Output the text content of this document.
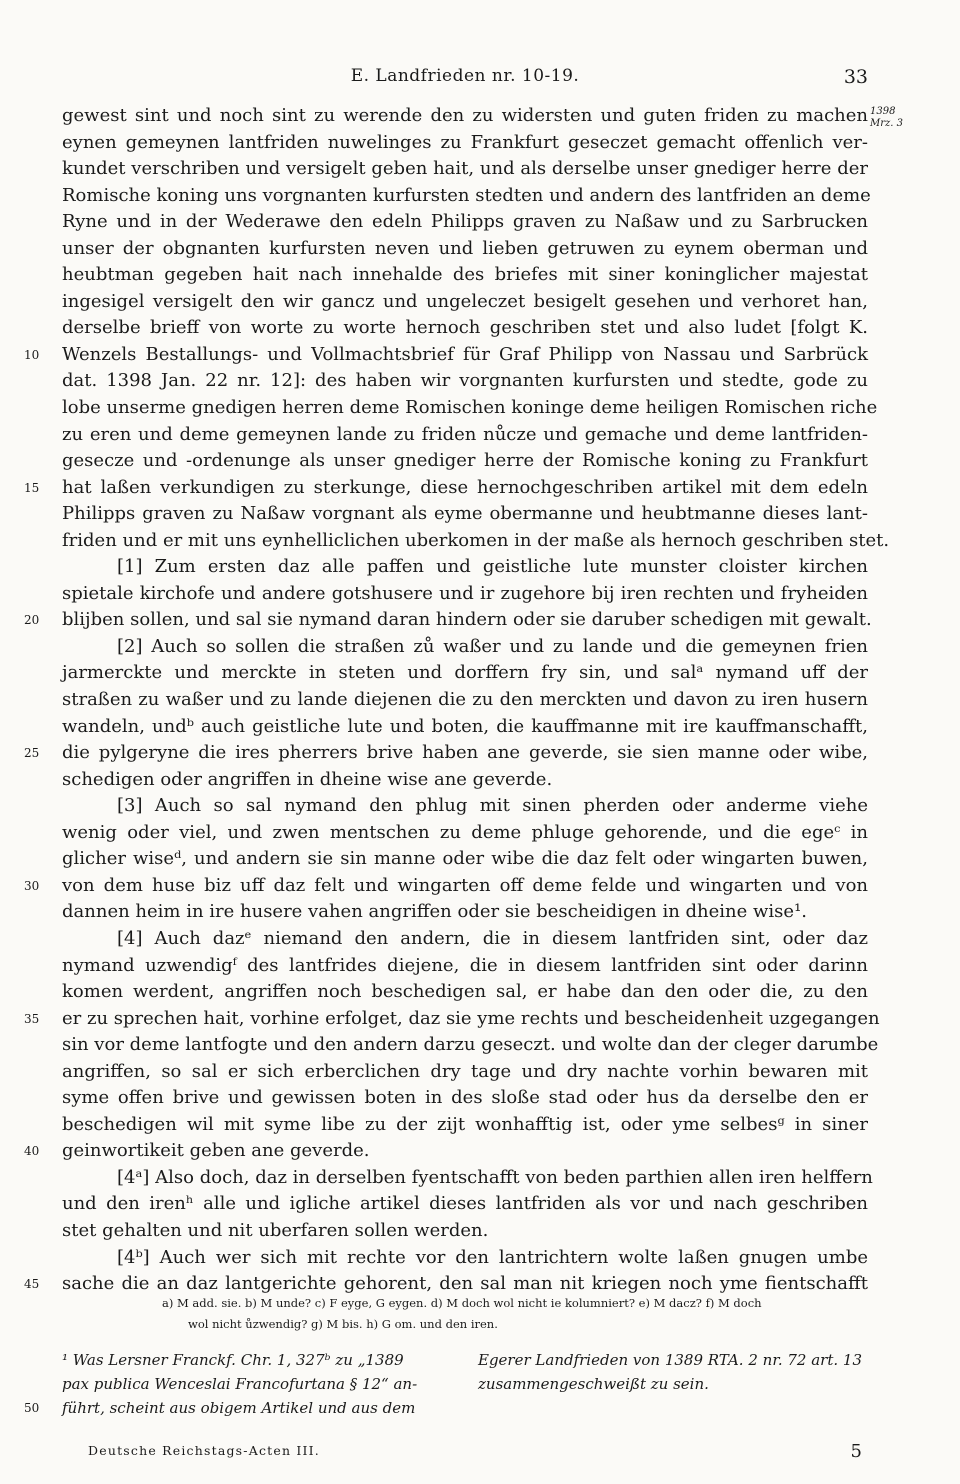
E. Landfrieden nr. 10-19.	33
1398
Mrz. 3
gewest sint und noch sint zu werende den zu widersten und guten friden zu machen
eynen gemeynen lantfriden nuwelinges zu Frankfurt geseczet gemacht offenlich ver-
kundet verschriben und versigelt geben hait, und als derselbe unser gnediger herre der
Romische koning uns vorgnanten kurfursten stedten und andern des lantfriden an deme
Ryne und in der Wederawe den edeln Philipps graven zu Naßaw und zu Sarbrucken
unser der obgnanten kurfursten neven und lieben getruwen zu eynem oberman und
heubtman gegeben hait nach innehalde des briefes mit siner koninglicher majestat
ingesigel versigelt den wir gancz und ungeleczet besigelt gesehen und verhoret han,
derselbe brieff von worte zu worte hernoch geschriben stet und also ludet [folgt K.
Wenzels Bestallungs- und Vollmachtsbrief für Graf Philipp von Nassau und Sarbrück
10
dat. 1398 Jan. 22 nr. 12]: des haben wir vorgnanten kurfursten und stedte, gode zu
lobe unserme gnedigen herren deme Romischen koninge deme heiligen Romischen riche
zu eren und deme gemeynen lande zu friden nůcze und gemache und deme lantfriden-
gesecze und -ordenunge als unser gnediger herre der Romische koning zu Frankfurt
hat laßen verkundigen zu sterkunge, diese hernochgeschriben artikel mit dem edeln
15
Philipps graven zu Naßaw vorgnant als eyme obermanne und heubtmanne dieses lant-
friden und er mit uns eynhelliclichen uberkomen in der maße als hernoch geschriben stet.
[1] Zum ersten daz alle paffen und geistliche lute munster cloister kirchen
spietale kirchofe und andere gotshusere und ir zugehore bij iren rechten und fryheiden
blijben sollen, und sal sie nymand daran hindern oder sie daruber schedigen mit gewalt.
20
[2] Auch so sollen die straßen zů waßer und zu lande und die gemeynen frien
jarmerckte und merckte in steten und dorffern fry sin, und salᵃ nymand uff der
straßen zu waßer und zu lande diejenen die zu den merckten und davon zu iren husern
wandeln, undᵇ auch geistliche lute und boten, die kauffmanne mit ire kauffmanschafft,
die pylgeryne die ires pherrers brive haben ane geverde, sie sien manne oder wibe,
25
schedigen oder angriffen in dheine wise ane geverde.
[3] Auch so sal nymand den phlug mit sinen pherden oder anderme viehe
wenig oder viel, und zwen mentschen zu deme phluge gehorende, und die egeᶜ in
glicher wiseᵈ, und andern sie sin manne oder wibe die daz felt oder wingarten buwen,
von dem huse biz uff daz felt und wingarten off deme felde und wingarten und von
30
dannen heim in ire husere vahen angriffen oder sie bescheidigen in dheine wise¹.
[4] Auch dazᵉ niemand den andern, die in diesem lantfriden sint, oder daz
nymand uzwendigᶠ des lantfrides diejene, die in diesem lantfriden sint oder darinn
komen werdent, angriffen noch beschedigen sal, er habe dan den oder die, zu den
er zu sprechen hait, vorhine erfolget, daz sie yme rechts und bescheidenheit uzgegangen
35
sin vor deme lantfogte und den andern darzu geseczt. und wolte dan der cleger darumbe
angriffen, so sal er sich erberclichen dry tage und dry nachte vorhin bewaren mit
syme offen brive und gewissen boten in des sloße stad oder hus da derselbe den er
beschedigen wil mit syme libe zu der zijt wonhafftig ist, oder yme selbesᵍ in siner
geinwortikeit geben ane geverde.
40
[4ᵃ] Also doch, daz in derselben fyentschafft von beden parthien allen iren helffern
und den irenʰ alle und igliche artikel dieses lantfriden als vor und nach geschriben
stet gehalten und nit uberfaren sollen werden.
[4ᵇ] Auch wer sich mit rechte vor den lantrichtern wolte laßen gnugen umbe
sache die an daz lantgerichte gehorent, den sal man nit kriegen noch yme fientschafft
45
a) M add. sie. b) M unde? c) F eyge, G eygen. d) M doch wol nicht ie kolumniert? e) M dacz? f) M doch
wol nicht ůzwendig? g) M bis. h) G om. und den iren.
¹ Was Lersner Franckf. Chr. 1, 327ᵇ zu „1389
pax publica Wenceslai Francofurtana § 12“ an-
führt, scheint aus obigem Artikel und aus dem
50
Egerer Landfrieden von 1389 RTA. 2 nr. 72 art. 13
zusammengeschweißt zu sein.
Deutsche Reichstags-Acten III.	5
